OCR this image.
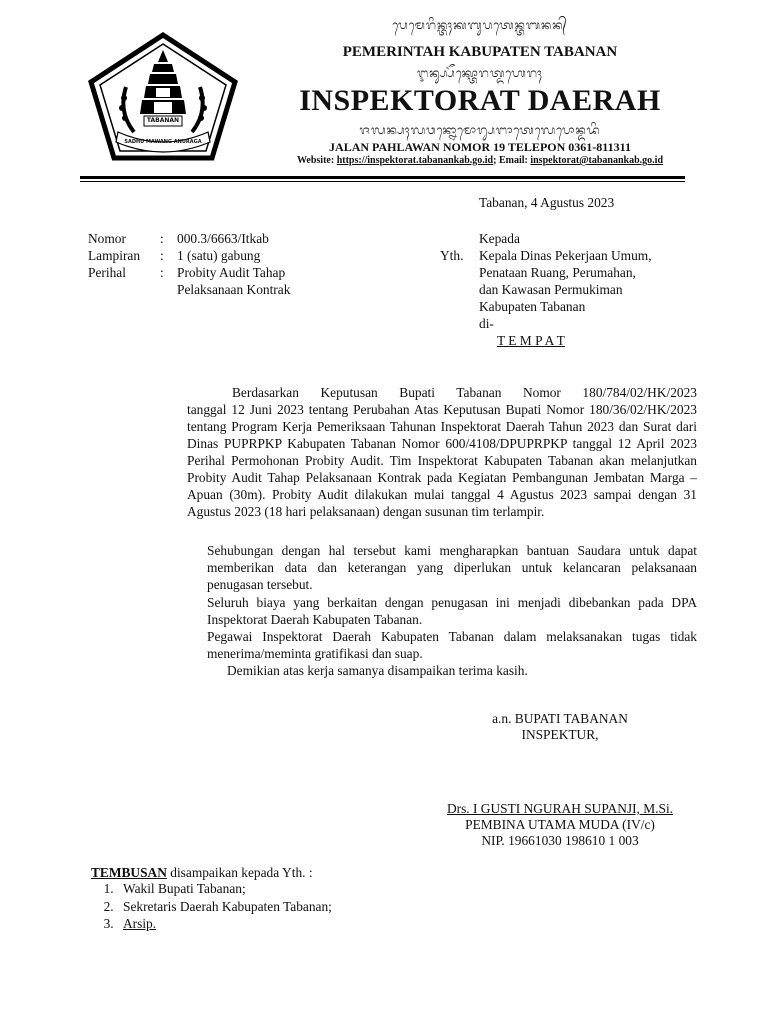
TABANAN
SADHU MAWANG ANURAGA
ᬧᬾᬫᬾᬭᬶᬦ᭄ᬢᬄᬓᬩᬸᬧᬢᬾᬦ᭄ᬢᬩᬦᬦ᭄
PEMERINTAH KABUPATEN TABANAN
ᬇᬦ᭄ᬲ᭄ᬧᭂᬓ᭄ᬢᭀᬭᬢ᭄ᬤᬳᬾᬭᬄ
INSPEKTORAT DAERAH
ᬚᬮᬦ᭄ᬧᬄᬮᬯᬦ᭄ᬦᭀᬫᭀᬭ᭄ᬲᬗᬵᬢᬾᬮᬾᬧᭀᬦ᭄ᬤᬤᬶ
JALAN PAHLAWAN NOMOR 19 TELEPON 0361-811311
Website: https://inspektorat.tabanankab.go.id; Email: inspektorat@tabanankab.go.id
Tabanan, 4 Agustus 2023
Nomor	: 000.3/6663/Itkab
Lampiran : 1 (satu) gabung
Perihal	: Probity Audit Tahap
Pelaksanaan Kontrak
Kepada
Yth. Kepala Dinas Pekerjaan Umum,
Penataan Ruang, Perumahan,
dan Kawasan Permukiman
Kabupaten Tabanan
di-
T E M P A T
Berdasarkan Keputusan Bupati Tabanan Nomor 180/784/02/HK/2023
tanggal 12 Juni 2023 tentang Perubahan Atas Keputusan Bupati Nomor 180/36/02/HK/2023 tentang Program Kerja Pemeriksaan Tahunan Inspektorat Daerah Tahun 2023 dan Surat dari Dinas PUPRPKP Kabupaten Tabanan Nomor 600/4108/DPUPRPKP tanggal 12 April 2023 Perihal Permohonan Probity Audit. Tim Inspektorat Kabupaten Tabanan akan melanjutkan Probity Audit Tahap Pelaksanaan Kontrak pada Kegiatan Pembangunan Jembatan Marga – Apuan (30m). Probity Audit dilakukan mulai tanggal 4 Agustus 2023 sampai dengan 31 Agustus 2023 (18 hari pelaksanaan) dengan susunan tim terlampir.
Sehubungan dengan hal tersebut kami mengharapkan bantuan Saudara untuk dapat memberikan data dan keterangan yang diperlukan untuk kelancaran pelaksanaan penugasan tersebut.
Seluruh biaya yang berkaitan dengan penugasan ini menjadi dibebankan pada DPA Inspektorat Daerah Kabupaten Tabanan.
Pegawai Inspektorat Daerah Kabupaten Tabanan dalam melaksanakan tugas tidak menerima/meminta gratifikasi dan suap.
Demikian atas kerja samanya disampaikan terima kasih.
a.n. BUPATI TABANAN
INSPEKTUR,
Drs. I GUSTI NGURAH SUPANJI, M.Si.
PEMBINA UTAMA MUDA (IV/c)
NIP. 19661030 198610 1 003
TEMBUSAN disampaikan kepada Yth. :
1. Wakil Bupati Tabanan;
2. Sekretaris Daerah Kabupaten Tabanan;
3. Arsip.
